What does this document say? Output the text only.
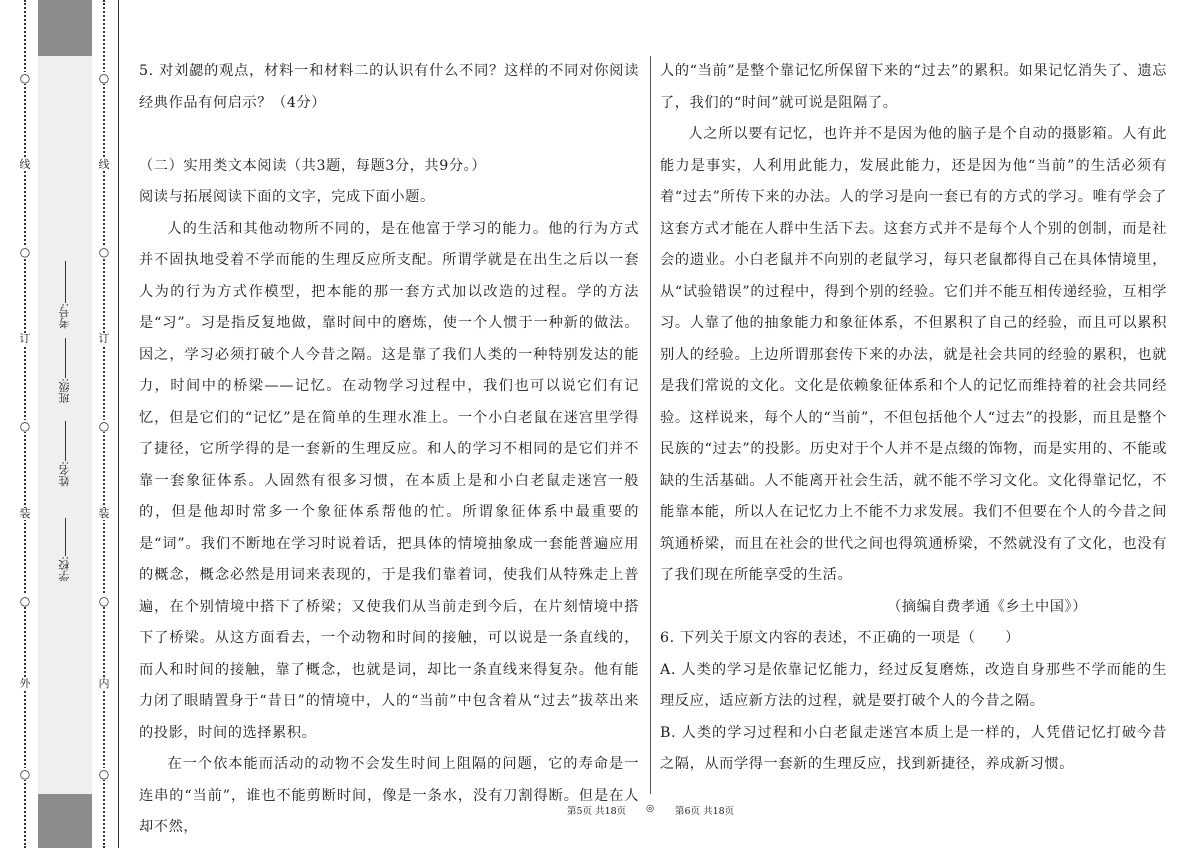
○
外
○
装
○
订
○
线
○
○
内
○
装
○
订
○
线
○
学校:
姓名:
班级:
考号:

5. 对刘勰的观点，材料一和材料二的认识有什么不同？这样的不同对你阅读经典作品有何启示？（4分）

（二）实用类文本阅读（共3题，每题3分，共9分。）

阅读与拓展阅读下面的文字，完成下面小题。

人的生活和其他动物所不同的，是在他富于学习的能力。他的行为方式并不固执地受着不学而能的生理反应所支配。所谓学就是在出生之后以一套人为的行为方式作模型，把本能的那一套方式加以改造的过程。学的方法是“习”。习是指反复地做，靠时间中的磨炼，使一个人惯于一种新的做法。因之，学习必须打破个人今昔之隔。这是靠了我们人类的一种特别发达的能力，时间中的桥梁——记忆。在动物学习过程中，我们也可以说它们有记忆，但是它们的“记忆”是在简单的生理水准上。一个小白老鼠在迷宫里学得了捷径，它所学得的是一套新的生理反应。和人的学习不相同的是它们并不靠一套象征体系。人固然有很多习惯，在本质上是和小白老鼠走迷宫一般的，但是他却时常多一个象征体系帮他的忙。所谓象征体系中最重要的是“词”。我们不断地在学习时说着话，把具体的情境抽象成一套能普遍应用的概念，概念必然是用词来表现的，于是我们靠着词，使我们从特殊走上普遍，在个别情境中搭下了桥梁；又使我们从当前走到今后，在片刻情境中搭下了桥梁。从这方面看去，一个动物和时间的接触，可以说是一条直线的，而人和时间的接触，靠了概念，也就是词，却比一条直线来得复杂。他有能力闭了眼睛置身于“昔日”的情境中，人的“当前”中包含着从“过去”拔萃出来的投影，时间的选择累积。

在一个依本能而活动的动物不会发生时间上阻隔的问题，它的寿命是一连串的“当前”，谁也不能剪断时间，像是一条水，没有刀割得断。但是在人却不然，

人的“当前”是整个靠记忆所保留下来的“过去”的累积。如果记忆消失了、遗忘了，我们的“时间”就可说是阻隔了。

人之所以要有记忆，也许并不是因为他的脑子是个自动的摄影箱。人有此能力是事实，人利用此能力，发展此能力，还是因为他“当前”的生活必须有着“过去”所传下来的办法。人的学习是向一套已有的方式的学习。唯有学会了这套方式才能在人群中生活下去。这套方式并不是每个人个别的创制，而是社会的遗业。小白老鼠并不向别的老鼠学习，每只老鼠都得自己在具体情境里，从“试验错误”的过程中，得到个别的经验。它们并不能互相传递经验，互相学习。人靠了他的抽象能力和象征体系，不但累积了自己的经验，而且可以累积别人的经验。上边所谓那套传下来的办法，就是社会共同的经验的累积，也就是我们常说的文化。文化是依赖象征体系和个人的记忆而维持着的社会共同经验。这样说来，每个人的“当前”，不但包括他个人“过去”的投影，而且是整个民族的“过去”的投影。历史对于个人并不是点缀的饰物，而是实用的、不能或缺的生活基础。人不能离开社会生活，就不能不学习文化。文化得靠记忆，不能靠本能，所以人在记忆力上不能不力求发展。我们不但要在个人的今昔之间筑通桥梁，而且在社会的世代之间也得筑通桥梁，不然就没有了文化，也没有了我们现在所能享受的生活。

（摘编自费孝通《乡土中国》）

6. 下列关于原文内容的表述，不正确的一项是（　　）

A. 人类的学习是依靠记忆能力，经过反复磨炼，改造自身那些不学而能的生理反应，适应新方法的过程，就是要打破个人的今昔之隔。

B. 人类的学习过程和小白老鼠走迷宫本质上是一样的，人凭借记忆打破今昔之隔，从而学得一套新的生理反应，找到新捷径，养成新习惯。

第5页 共18页 ◎ 第6页 共18页
